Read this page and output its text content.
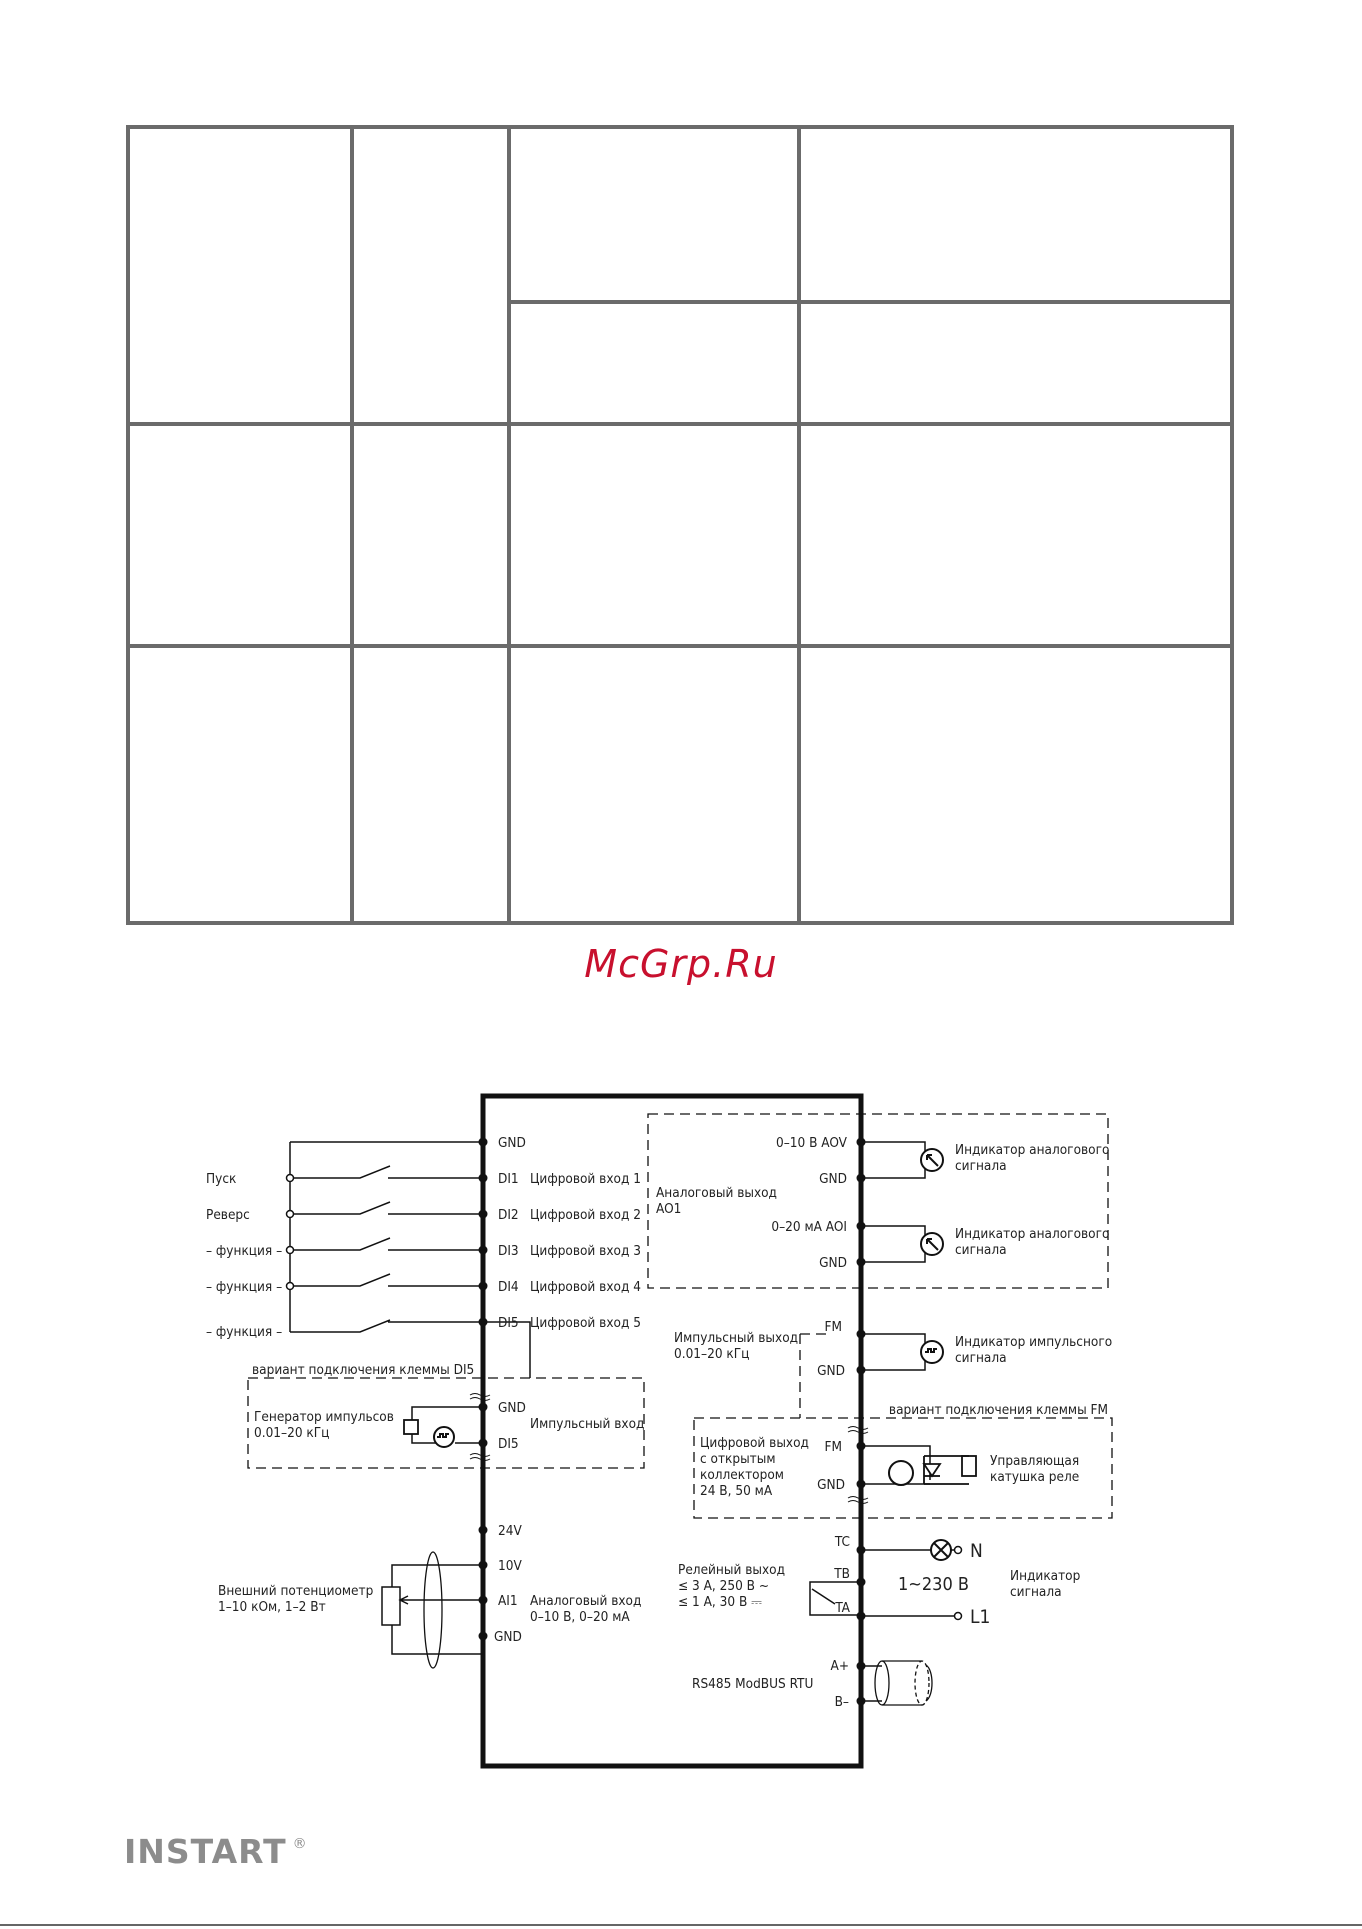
McGrp.Ru
GND
DI1
DI2
DI3
DI4
DI5
24V
10V
AI1
GND
Цифровой вход 1
Цифровой вход 2
Цифровой вход 3
Цифровой вход 4
Цифровой вход 5
Пуск
Реверс
– функция –
– функция –
– функция –
вариант подключения клеммы DI5
Генератор импульсов
0.01–20 кГц
GND
DI5
Импульсный вход
Внешний потенциометр
1–10 кОм, 1–2 Вт	Аналоговый вход
0–10 В, 0–20 мА
Аналоговый выход
AO1
0–10 В AOV
GND
0–20 мА AOI
GND
Индикатор аналогового
сигнала
Индикатор аналогового
сигнала
Импульсный выход
0.01–20 кГц
FM
GND
Индикатор импульсного
сигнала
вариант подключения клеммы FM
Цифровой выход
с открытым
коллектором
24 В, 50 мА
FM
GND
Управляющая
катушка реле
Релейный выход
≤ 3 А, 250 В ~
≤ 1 А, 30 В ⎓
TC
TB
TA
N
L1
1~230 В	Индикатор
сигнала
RS485 ModBUS RTU
A+
B–
INSTART ®
